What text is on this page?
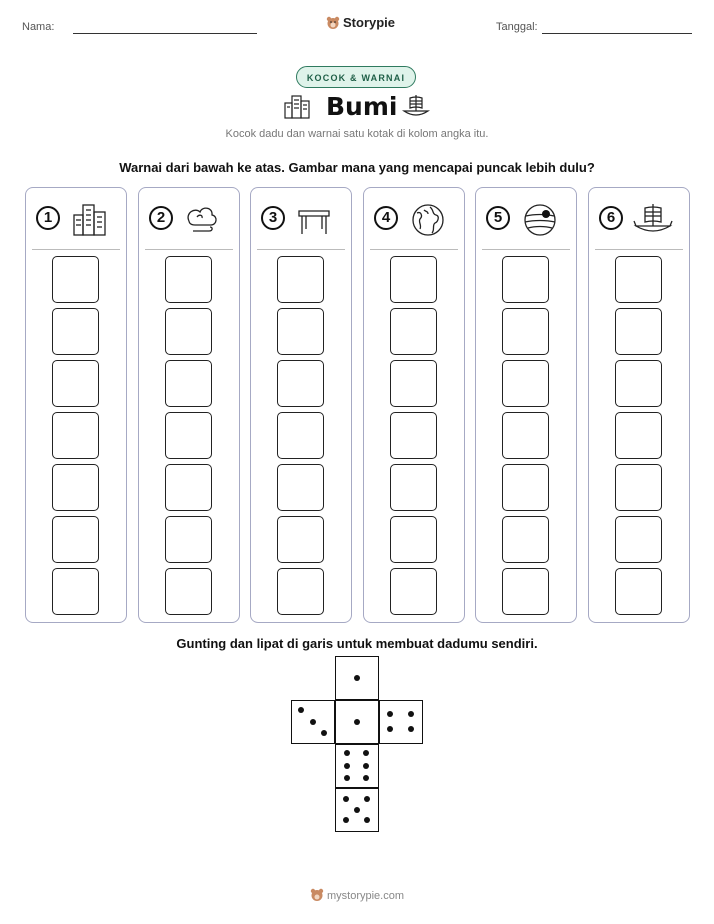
Nama:	Storypie	Tanggal:
KOCOK & WARNAI
Bumi
Kocok dadu dan warnai satu kotak di kolom angka itu.
Warnai dari bawah ke atas. Gambar mana yang mencapai puncak lebih dulu?
1	2	3	4	5	6
Gunting dan lipat di garis untuk membuat dadumu sendiri.
mystorypie.com
